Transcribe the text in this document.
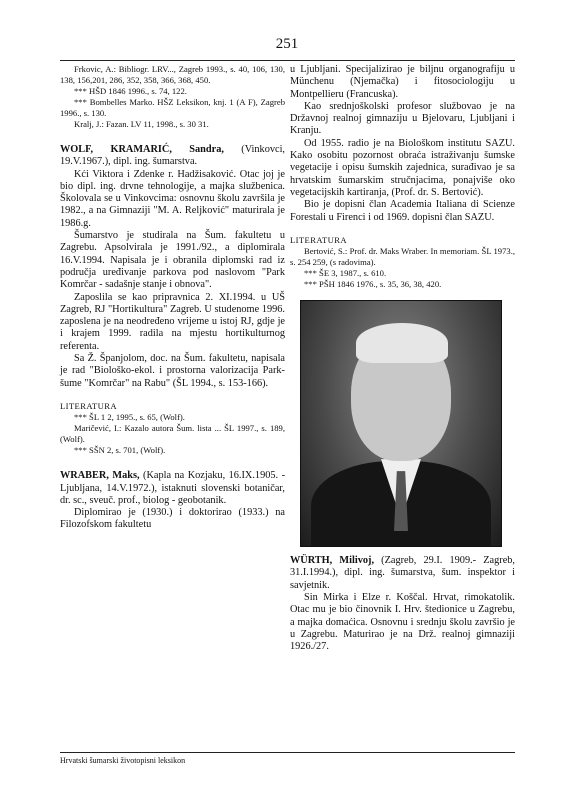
251

Frkovic, A.: Bibliogr. LRV..., Zagreb 1993., s. 40, 106, 130, 138, 156,201, 286, 352, 358, 366, 368, 450.

*** HŠD 1846 1996., s. 74, 122.

*** Bombelles Marko. HŠZ Leksikon, knj. 1 (A F), Zagreb 1996., s. 130.

Kralj, J.: Fazan. LV 11, 1998., s. 30 31.

WOLF, KRAMARIĆ, Sandra, (Vinkovci, 19.V.1967.), dipl. ing. šumarstva.

Kći Viktora i Zdenke r. Hadžisaković. Otac joj je bio dipl. ing. drvne tehnologije, a majka službenica. Školovala se u Vinkovcima: osnovnu školu završila je 1982., a na Gimnaziji "M. A. Reljković" maturirala je 1986.g.

Šumarstvo je studirala na Šum. fakultetu u Zagrebu. Apsolvirala je 1991./92., a diplomirala 16.V.1994. Napisala je i obranila diplomski rad iz područja uređivanje parkova pod naslovom "Park Komrčar - sadašnje stanje i obnova".

Zaposlila se kao pripravnica 2. XI.1994. u UŠ Zagreb, RJ "Hortikultura" Zagreb. U studenome 1996. zaposlena je na neodređeno vrijeme u istoj RJ, gdje je i krajem 1999. radila na mjestu hortikulturnog referenta.

Sa Ž. Španjolom, doc. na Šum. fakultetu, napisala je rad "Biološko-ekol. i prostorna valorizacija Park-šume "Komrčar" na Rabu" (ŠL 1994., s. 153-166).

LITERATURA

*** ŠL 1 2, 1995., s. 65, (Wolf).

Maričević, I.: Kazalo autora Šum. lista ... ŠL 1997., s. 189, (Wolf).

*** SŠN 2, s. 701, (Wolf).

WRABER, Maks, (Kapla na Kozjaku, 16.IX.1905. - Ljubljana, 14.V.1972.), istaknuti slovenski botaničar, dr. sc., sveuč. prof., biolog - geobotanik.

Diplomirao je (1930.) i doktorirao (1933.) na Filozofskom fakultetu

u Ljubljani. Specijalizirao je biljnu organografiju u Münchenu (Njemačka) i fitosociologiju u Montpellieru (Francuska).

Kao srednjoškolski profesor službovao je na Državnoj realnoj gimnaziju u Bjelovaru, Ljubljani i Kranju.

Od 1955. radio je na Biološkom institutu SAZU. Kako osobitu pozornost obraća istraživanju šumske vegetacije i opisu šumskih zajednica, surađivao je sa hrvatskim šumarskim stručnjacima, ponajviše oko vegetacijskih kartiranja, (Prof. dr. S. Bertović).

Bio je dopisni član Academia Italiana di Scienze Forestali u Firenci i od 1969. dopisni član SAZU.

LITERATURA

Bertović, S.: Prof. dr. Maks Wraber. In memoriam. ŠL 1973., s. 254 259, (s radovima).

*** ŠE 3, 1987., s. 610.

*** PŠH 1846 1976., s. 35, 36, 38, 420.

WÜRTH, Milivoj, (Zagreb, 29.I. 1909.- Zagreb, 31.I.1994.), dipl. ing. šumarstva, šum. inspektor i savjetnik.

Sin Mirka i Elze r. Koščal. Hrvat, rimokatolik. Otac mu je bio činovnik I. Hrv. štedionice u Zagrebu, a majka domaćica. Osnovnu i srednju školu završio je u Zagrebu. Maturirao je na Drž. realnoj gimnaziji 1926./27.

Hrvatski šumarski životopisni leksikon
